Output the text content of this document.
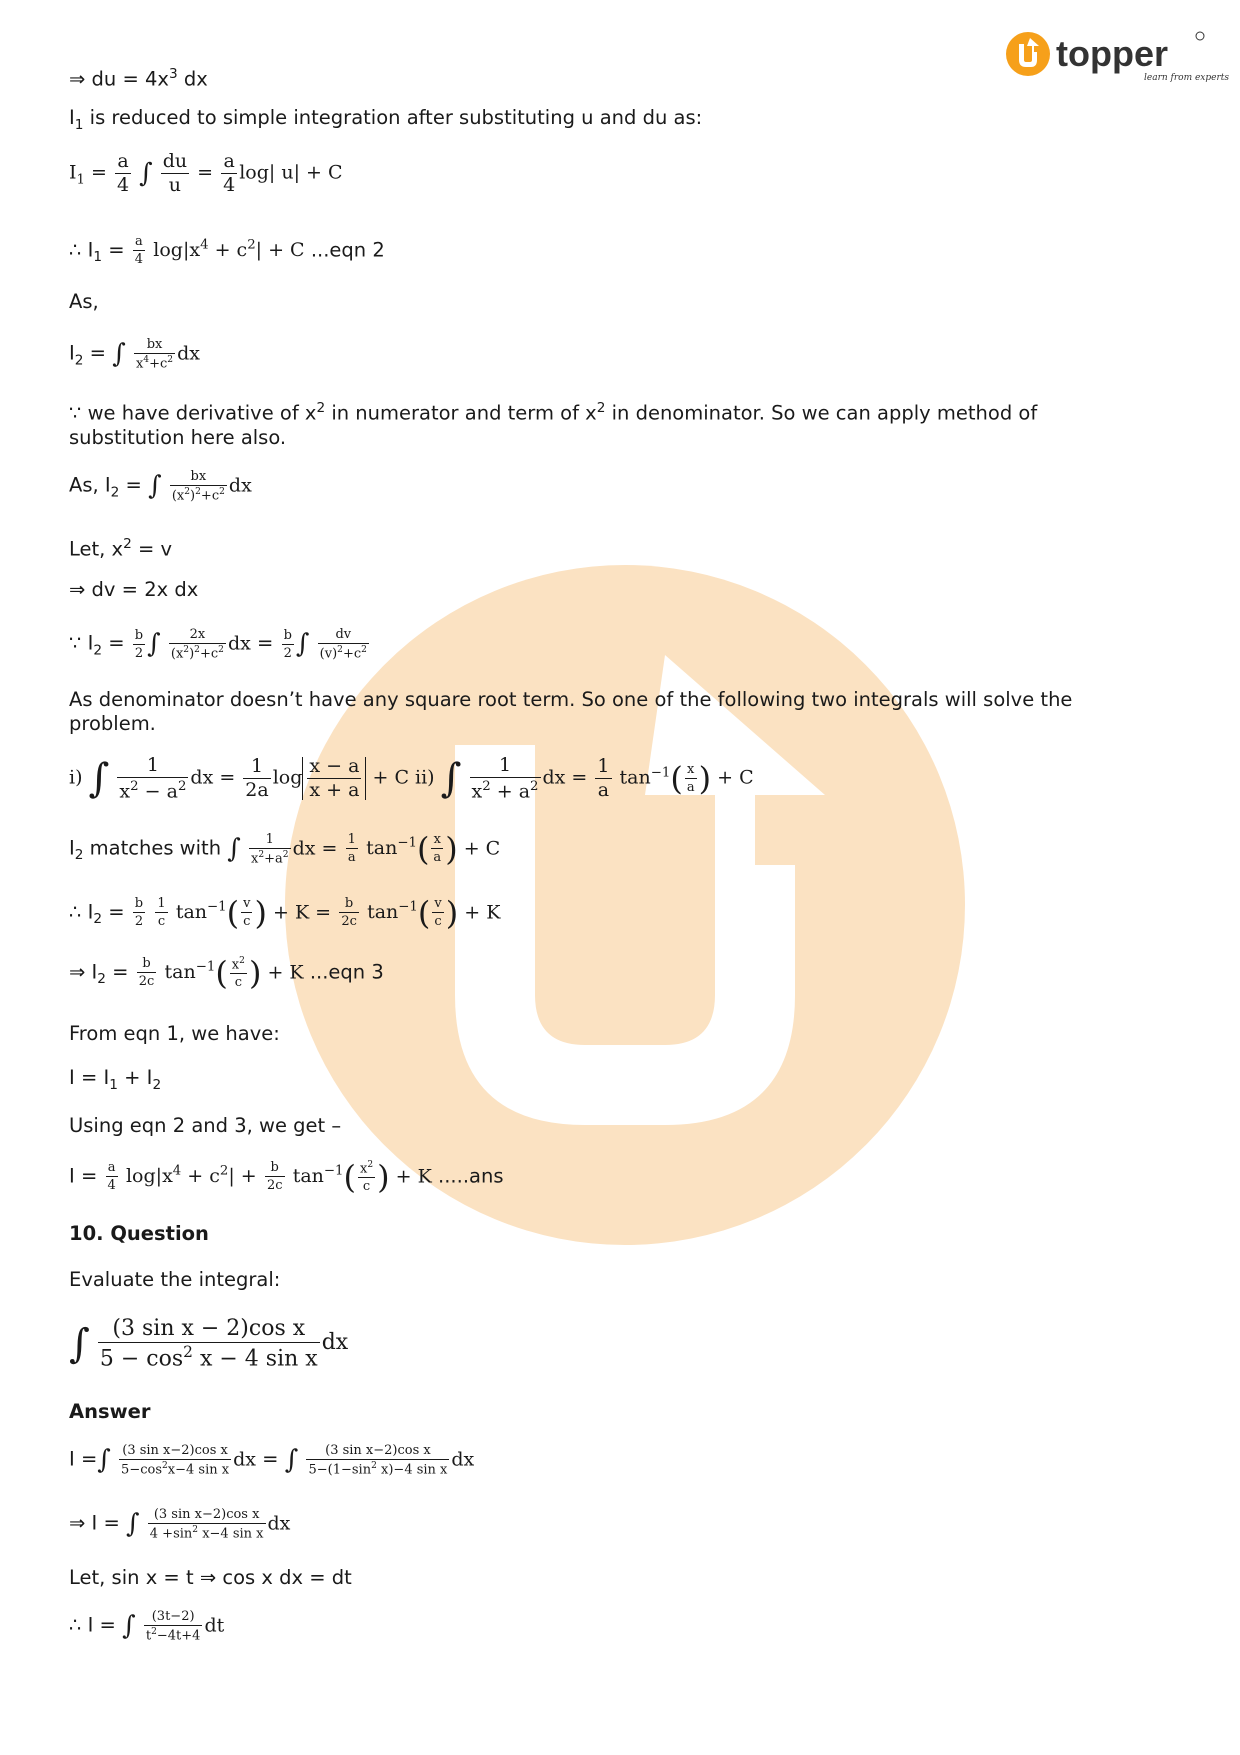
topper
learn from experts
⇒ du = $4x^3$ dx
$I_1$ is reduced to simple integration after substituting u and du as:
$I_1 = \frac{a}{4}$ ∫ $\frac{du}{u} = \frac{a}{4} \log|$ u| + C
∴ $I_1 = \frac{a}{4} \log|x^4 + c^2| + C$ ...eqn 2
As,
$I_2$ = ∫ $\frac{bx}{x^4+c^2}$ dx
∵ we have derivative of $x^2$ in numerator and term of $x^2$ in denominator. So we can apply method of substitution here also.
As, $I_2$ = ∫ $\frac{bx}{(x^2)^2+c^2}$ dx
Let, $x^2 = v$
⇒ dv = 2x dx
∵ $I_2 = \frac{b}{2}$ ∫ $\frac{2x}{(x^2)^2+c^2}$ dx = $\frac{b}{2}$ ∫ $\frac{dv}{(v)^2+c^2}$
As denominator doesn’t have any square root term. So one of the following two integrals will solve the problem.
i) ∫ $\frac{1}{x^2 - a^2}$ dx = $\frac{1}{2a}$ $\log \frac{x - a}{x + a} + C$ ii) ∫ $\frac{1}{x^2 + a^2}$ dx = $\frac{1}{a} \tan^{-1}( \frac{x}{a}$ ) + C
$I_2$ matches with ∫ $\frac{1}{x^2+a^2}$ dx = $\frac{1}{a} \tan^{-1}( \frac{x}{a}$ ) + C
∴ $I_2 = \frac{b}{2}$
$\frac{1}{c} \tan^{-1}( \frac{v}{c}$ ) + $K = \frac{b}{2c} \tan^{-1}( \frac{v}{c}$ ) + K
⇒ $I_2 = \frac{b}{2c} \tan^{-1}( \frac{x^2}{c}$ ) + K ...eqn 3
From eqn 1, we have:
$I = I_1 + I_2$
Using eqn 2 and 3, we get –
$I = \frac{a}{4} \log|x^4 + c^2| + \frac{b}{2c} \tan^{-1}( \frac{x^2}{c}$ ) + K .....ans
10. Question
Evaluate the integral:
∫ $\frac{\text{(3 sin x − 2)cos x}}{5 - \cos^2 x - 4 \sin x}$ dx
Answer
I =∫ $\frac{\text{(3 sin x−2)cos x}}{5-\cos^2x-4 \sin x}$ dx = ∫ $\frac{\text{(3 sin x−2)cos x}}{5-(1-\sin^2 x)-4 \sin x}$ dx
⇒ I = ∫ $\frac{\text{(3 sin x−2)cos x}}{4 +\sin^2 x-4 \sin x}$ dx
Let, sin x = t ⇒ cos x dx = dt
∴ I = ∫ $\frac{(3t-2)}{t^2-4t+4}$ dt
